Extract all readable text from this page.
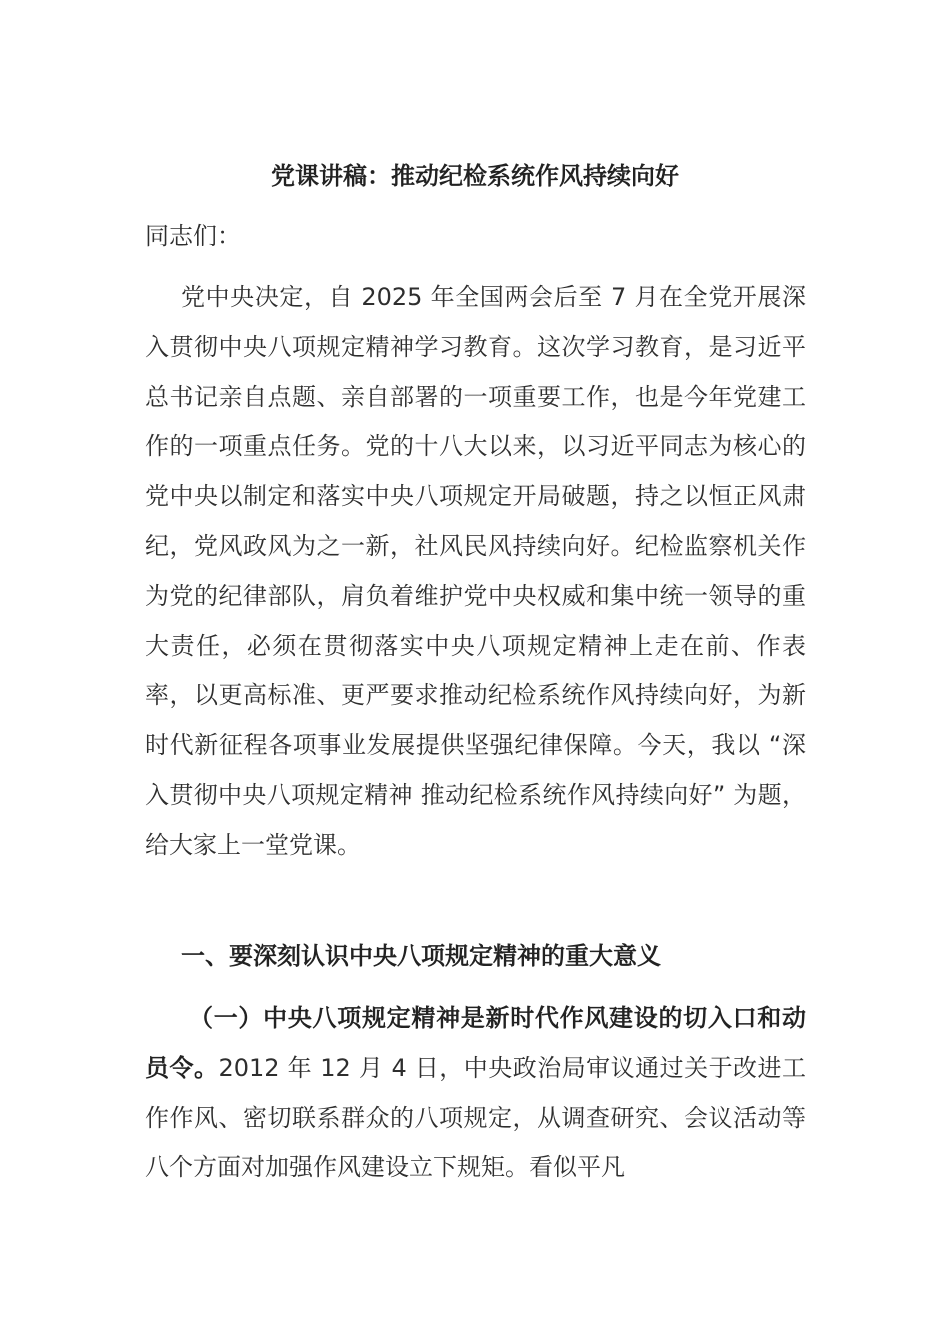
党课讲稿：推动纪检系统作风持续向好
同志们：
党中央决定，自 2025 年全国两会后至 7 月在全党开展深入贯彻中央八项规定精神学习教育。这次学习教育，是习近平总书记亲自点题、亲自部署的一项重要工作，也是今年党建工作的一项重点任务。党的十八大以来，以习近平同志为核心的党中央以制定和落实中央八项规定开局破题，持之以恒正风肃纪，党风政风为之一新，社风民风持续向好。纪检监察机关作为党的纪律部队，肩负着维护党中央权威和集中统一领导的重大责任，必须在贯彻落实中央八项规定精神上走在前、作表率，以更高标准、更严要求推动纪检系统作风持续向好，为新时代新征程各项事业发展提供坚强纪律保障。今天，我以 “深入贯彻中央八项规定精神 推动纪检系统作风持续向好” 为题，给大家上一堂党课。
一、要深刻认识中央八项规定精神的重大意义
（一）中央八项规定精神是新时代作风建设的切入口和动员令。2012 年 12 月 4 日，中央政治局审议通过关于改进工作作风、密切联系群众的八项规定，从调查研究、会议活动等八个方面对加强作风建设立下规矩。看似平凡
